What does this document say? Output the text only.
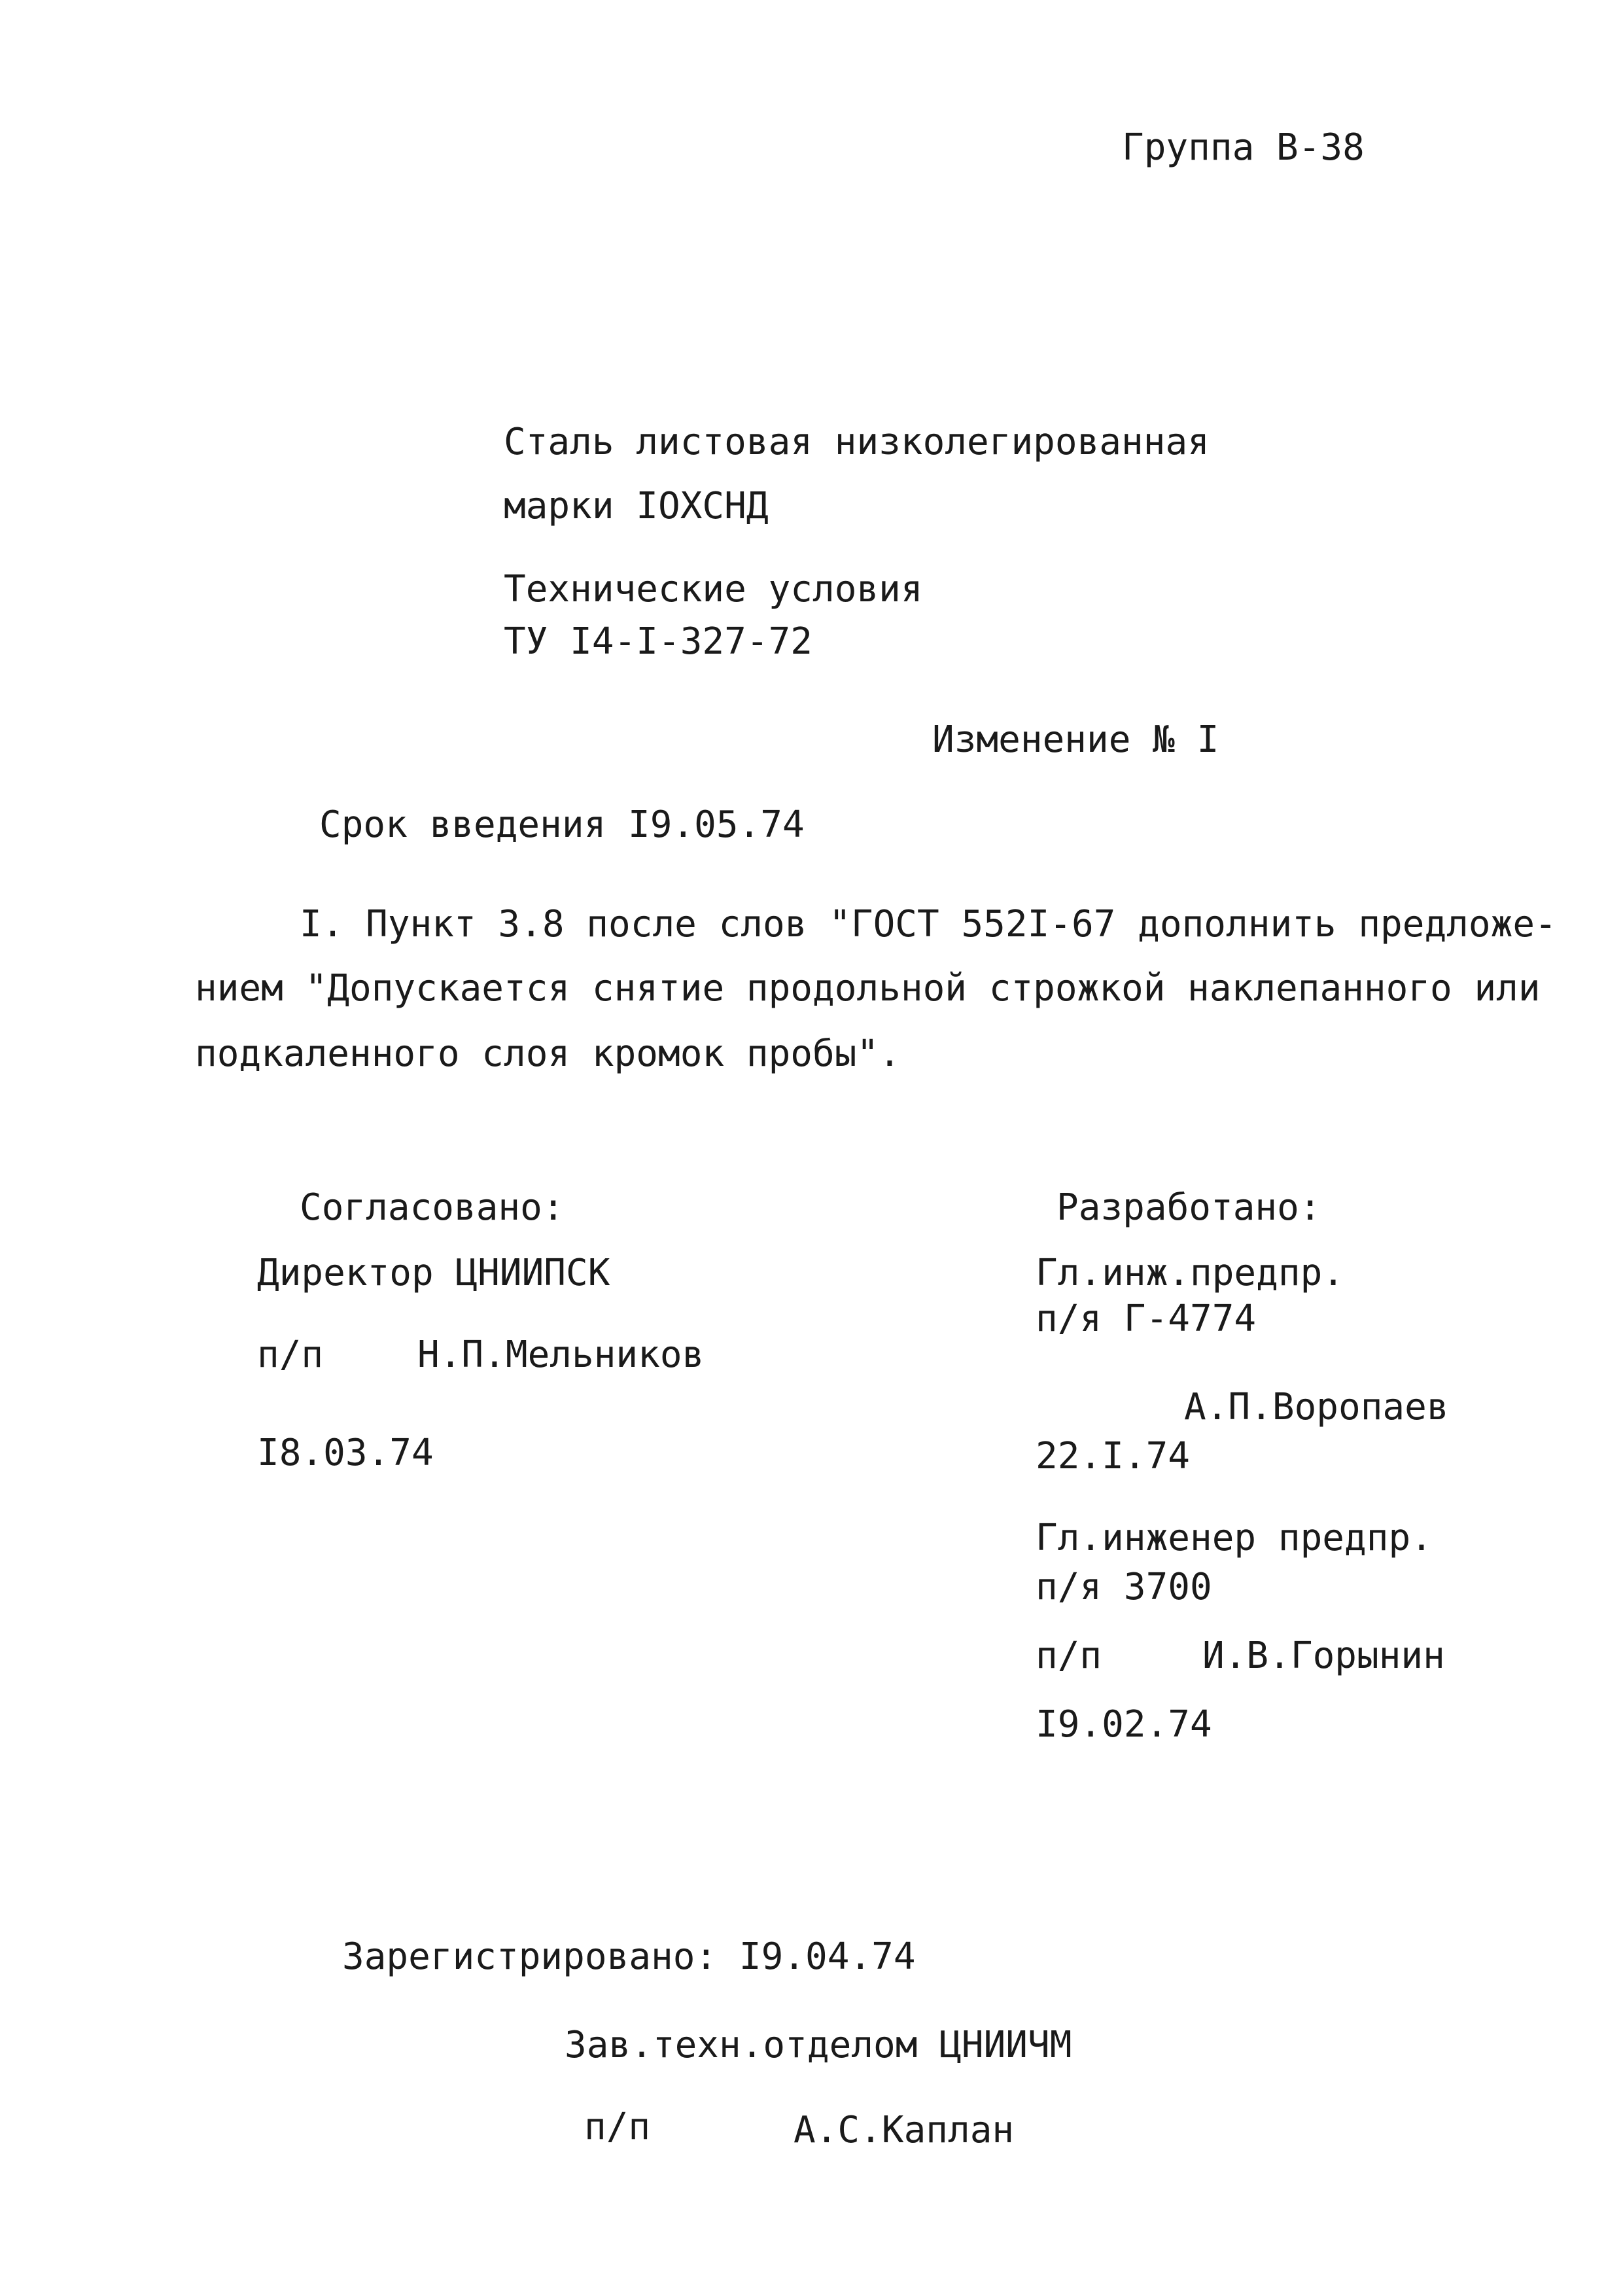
Группа В-38
Сталь листовая низколегированная
марки IOXСНД
Технические условия
ТУ I4-I-327-72
Изменение № I
Срок введения I9.05.74
I. Пункт 3.8 после слов "ГОСТ 552I-67 дополнить предложе-
нием "Допускается снятие продольной строжкой наклепанного или
подкаленного слоя кромок пробы".
Согласовано:
Директор ЦНИИПСК
п/п	Н.П.Мельников
I8.03.74
Разработано:
Гл.инж.предпр.
п/я Г-4774
А.П.Воропаев
22.I.74
Гл.инженер предпр.
п/я 3700
п/п	И.В.Горынин
I9.02.74
Зарегистрировано: I9.04.74
Зав.техн.отделом ЦНИИЧМ
п/п	А.С.Каплан
